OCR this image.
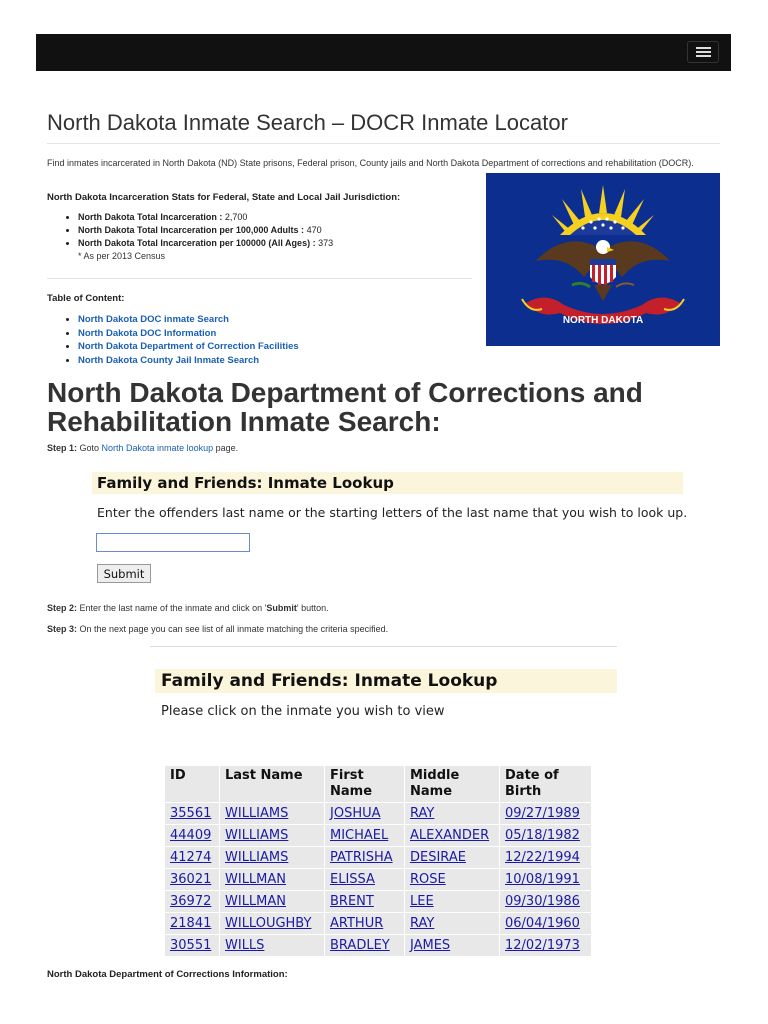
North Dakota Inmate Search – DOCR Inmate Locator

Find inmates incarcerated in North Dakota (ND) State prisons, Federal prison, County jails and North Dakota Department of corrections and rehabilitation (DOCR).

North Dakota Incarceration Stats for Federal, State and Local Jail Jurisdiction:
• North Dakota Total Incarceration : 2,700
• North Dakota Total Incarceration per 100,000 Adults : 470
• North Dakota Total Incarceration per 100000 (All Ages) : 373
* As per 2013 Census
Table of Content:
• North Dakota DOC inmate Search
• North Dakota DOC Information
• North Dakota Department of Correction Facilities
• North Dakota County Jail Inmate Search
NORTH DAKOTA
North Dakota Department of Corrections and Rehabilitation Inmate Search:
Step 1: Goto North Dakota inmate lookup page.
Family and Friends: Inmate Lookup
Enter the offenders last name or the starting letters of the last name that you wish to look up.
Submit
Step 2: Enter the last name of the inmate and click on 'Submit' button.
Step 3: On the next page you can see list of all inmate matching the criteria specified.
Family and Friends: Inmate Lookup
Please click on the inmate you wish to view
ID	Last Name	First Name	Middle Name	Date of Birth
35561	WILLIAMS	JOSHUA	RAY	09/27/1989
44409	WILLIAMS	MICHAEL	ALEXANDER	05/18/1982
41274	WILLIAMS	PATRISHA	DESIRAE	12/22/1994
36021	WILLMAN	ELISSA	ROSE	10/08/1991
36972	WILLMAN	BRENT	LEE	09/30/1986
21841	WILLOUGHBY	ARTHUR	RAY	06/04/1960
30551	WILLS	BRADLEY	JAMES	12/02/1973
North Dakota Department of Corrections Information:
